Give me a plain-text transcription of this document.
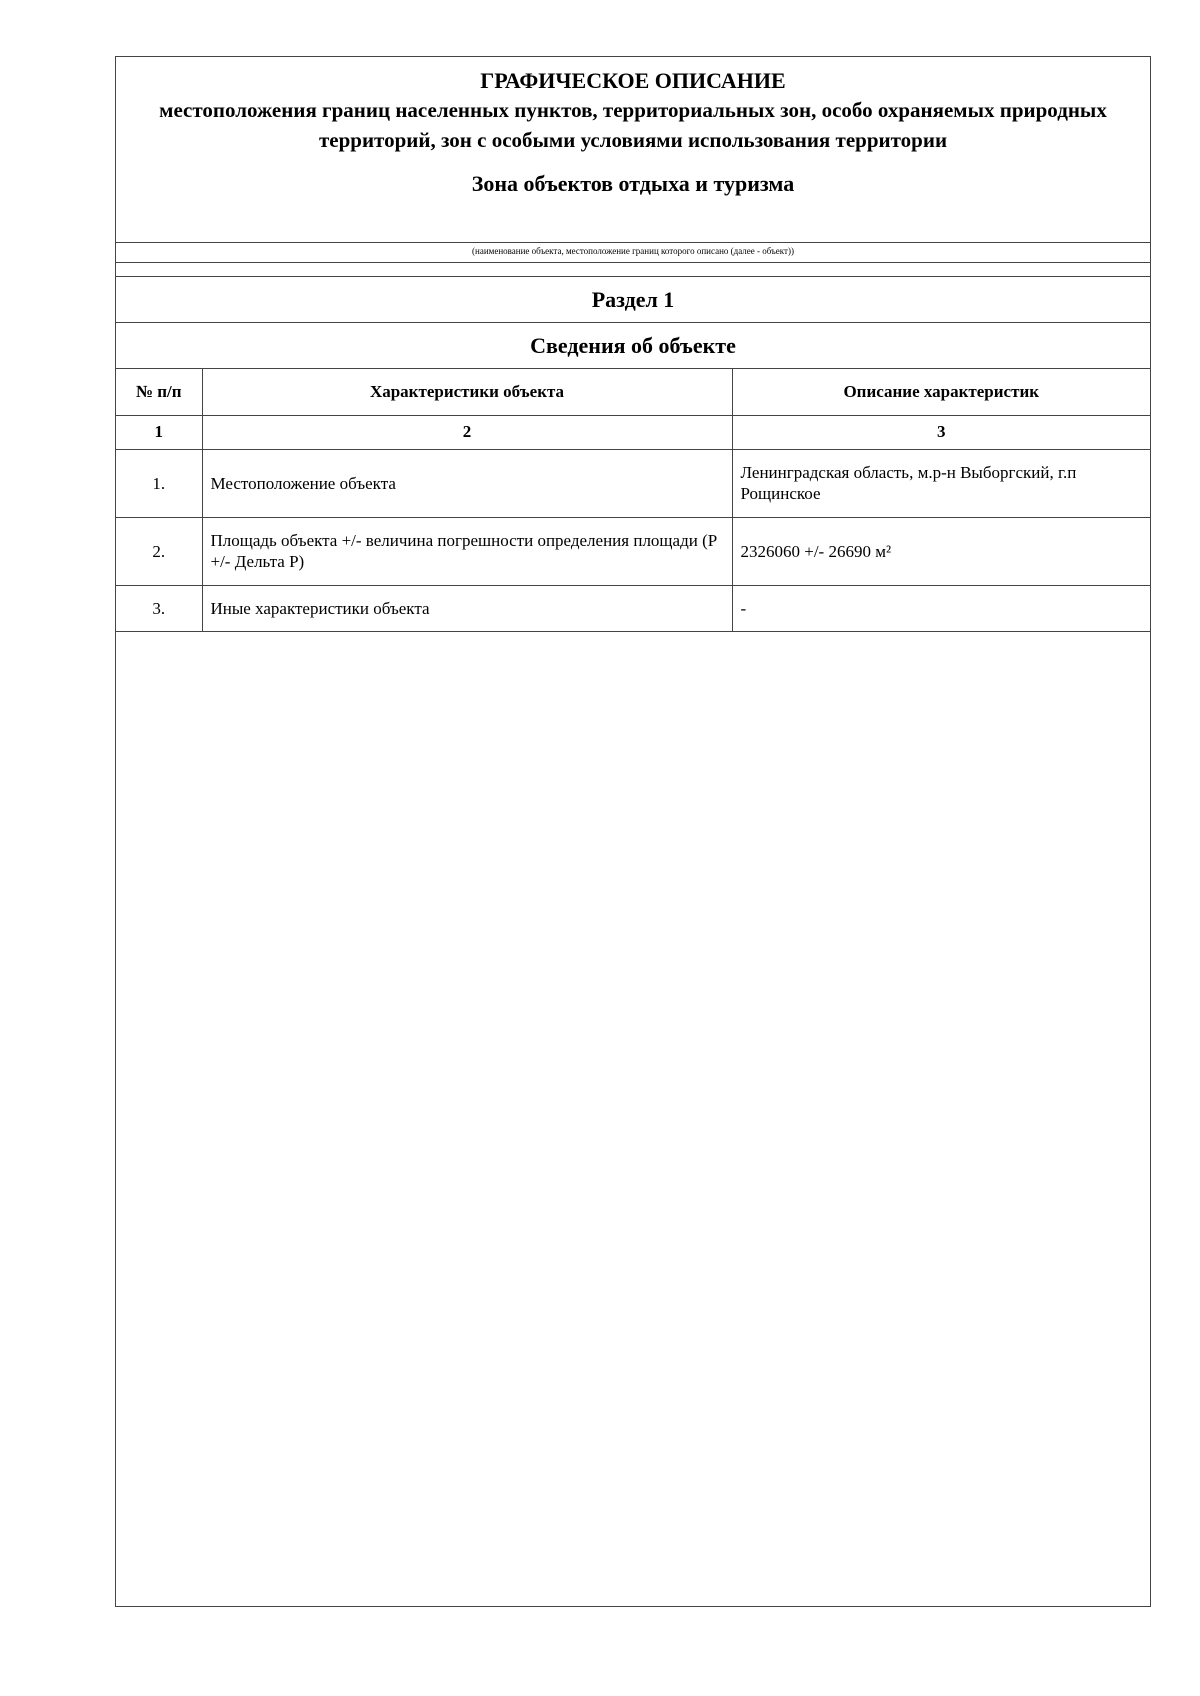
ГРАФИЧЕСКОЕ ОПИСАНИЕ
местоположения границ населенных пунктов, территориальных зон, особо охраняемых природных территорий, зон с особыми условиями использования территории
Зона объектов отдыха и туризма
(наименование объекта, местоположение границ которого описано (далее - объект))
Раздел 1
Сведения об объекте
№ п/п	Характеристики объекта	Описание характеристик
1	2	3
1.	Местоположение объекта	Ленинградская область, м.р-н Выборгский, г.п Рощинское
2.	Площадь объекта +/- величина погрешности определения площади (P +/- Дельта P)	2326060 +/- 26690 м²
3.	Иные характеристики объекта	-
